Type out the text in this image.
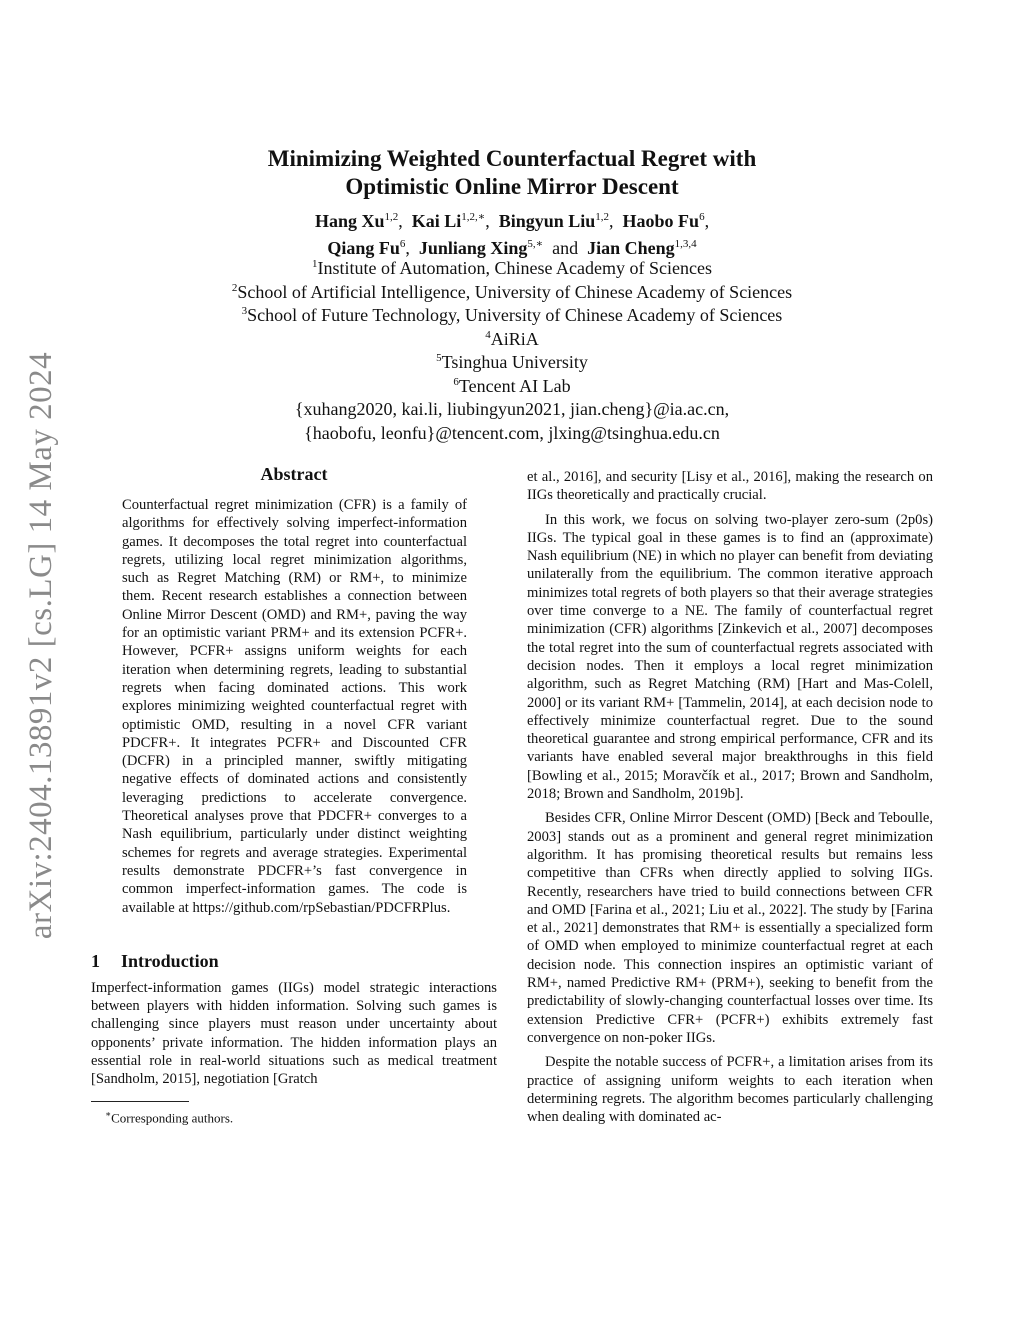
arXiv:2404.13891v2 [cs.LG] 14 May 2024
Minimizing Weighted Counterfactual Regret with
Optimistic Online Mirror Descent
Hang Xu$^{1,2}$,  Kai $Li^{1,2,∗}$,  Bingyun Liu$^{1,2}$,  Haobo Fu$^6$,
Qiang Fu$^6$,  Junliang Xing$^{5,∗}$ and Jian Cheng$^{1,3,4}$
$^1$Institute of Automation, Chinese Academy of Sciences
$^2$School of Artificial Intelligence, University of Chinese Academy of Sciences
$^3$School of Future Technology, University of Chinese Academy of Sciences
$^4$AiRiA
$^5$Tsinghua University
$^6$Tencent AI Lab
{xuhang2020, kai.li, liubingyun2021, jian.cheng}@ia.ac.cn,
{haobofu, leonfu}@tencent.com, jlxing@tsinghua.edu.cn
Abstract

Counterfactual regret minimization (CFR) is a family of algorithms for effectively solving imperfect-information games. It decomposes the total regret into counterfactual regrets, utilizing local regret minimization algorithms, such as Regret Matching (RM) or RM+, to minimize them. Recent research establishes a connection between Online Mirror Descent (OMD) and RM+, paving the way for an optimistic variant PRM+ and its extension PCFR+. However, PCFR+ assigns uniform weights for each iteration when determining regrets, leading to substantial regrets when facing dominated actions. This work explores minimizing weighted counterfactual regret with optimistic OMD, resulting in a novel CFR variant PDCFR+. It integrates PCFR+ and Discounted CFR (DCFR) in a principled manner, swiftly mitigating negative effects of dominated actions and consistently leveraging predictions to accelerate convergence. Theoretical analyses prove that PDCFR+ converges to a Nash equilibrium, particularly under distinct weighting schemes for regrets and average strategies. Experimental results demonstrate PDCFR+’s fast convergence in common imperfect-information games. The code is available at https://github.com/rpSebastian/PDCFRPlus.

1 Introduction

Imperfect-information games (IIGs) model strategic interactions between players with hidden information. Solving such games is challenging since players must reason under uncertainty about opponents’ private information. The hidden information plays an essential role in real-world situations such as medical treatment [Sandholm, 2015], negotiation [Gratch

∗Corresponding authors.

et al., 2016], and security [Lisy et al., 2016], making the research on IIGs theoretically and practically crucial.

In this work, we focus on solving two-player zero-sum (2p0s) IIGs. The typical goal in these games is to find an (approximate) Nash equilibrium (NE) in which no player can benefit from deviating unilaterally from the equilibrium. The common iterative approach minimizes total regrets of both players so that their average strategies over time converge to a NE. The family of counterfactual regret minimization (CFR) algorithms [Zinkevich et al., 2007] decomposes the total regret into the sum of counterfactual regrets associated with decision nodes. Then it employs a local regret minimization algorithm, such as Regret Matching (RM) [Hart and Mas-Colell, 2000] or its variant RM+ [Tammelin, 2014], at each decision node to effectively minimize counterfactual regret. Due to the sound theoretical guarantee and strong empirical performance, CFR and its variants have enabled several major breakthroughs in this field [Bowling et al., 2015; Moravčík et al., 2017; Brown and Sandholm, 2018; Brown and Sandholm, 2019b].

Besides CFR, Online Mirror Descent (OMD) [Beck and Teboulle, 2003] stands out as a prominent and general regret minimization algorithm. It has promising theoretical results but remains less competitive than CFRs when directly applied to solving IIGs. Recently, researchers have tried to build connections between CFR and OMD [Farina et al., 2021; Liu et al., 2022]. The study by [Farina et al., 2021] demonstrates that RM+ is essentially a specialized form of OMD when employed to minimize counterfactual regret at each decision node. This connection inspires an optimistic variant of RM+, named Predictive RM+ (PRM+), seeking to benefit from the predictability of slowly-changing counterfactual losses over time. Its extension Predictive CFR+ (PCFR+) exhibits extremely fast convergence on non-poker IIGs.

Despite the notable success of PCFR+, a limitation arises from its practice of assigning uniform weights to each iteration when determining regrets. The algorithm becomes particularly challenging when dealing with dominated ac-
